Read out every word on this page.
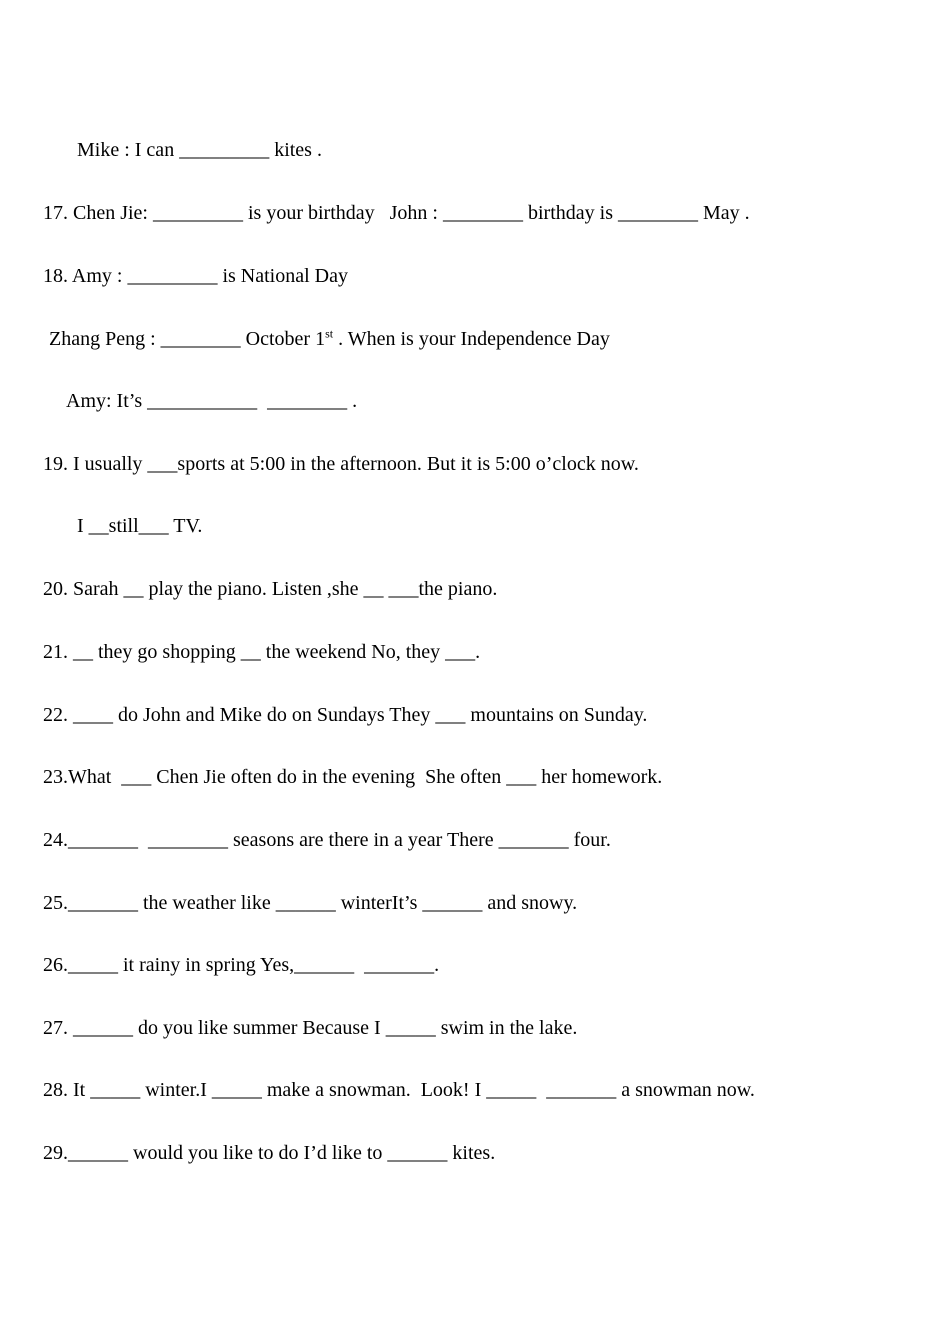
Mike : I can _________ kites .
17. Chen Jie: _________ is your birthday   John : ________ birthday is ________ May .
18. Amy : _________ is National Day
Zhang Peng : ________ October 1st . When is your Independence Day
Amy: It’s ___________  ________ .
19. I usually ___sports at 5:00 in the afternoon. But it is 5:00 o’clock now.
I __still___ TV.
20. Sarah __ play the piano. Listen ,she __ ___the piano.
21. __ they go shopping __ the weekend No, they ___.
22. ____ do John and Mike do on Sundays They ___ mountains on Sunday.
23.What  ___ Chen Jie often do in the evening  She often ___ her homework.
24._______  ________ seasons are there in a year There _______ four.
25._______ the weather like ______ winterIt’s ______ and snowy.
26._____ it rainy in spring Yes,______  _______.
27. ______ do you like summer Because I _____ swim in the lake.
28. It _____ winter.I _____ make a snowman.  Look! I _____  _______ a snowman now.
29.______ would you like to do I’d like to ______ kites.
